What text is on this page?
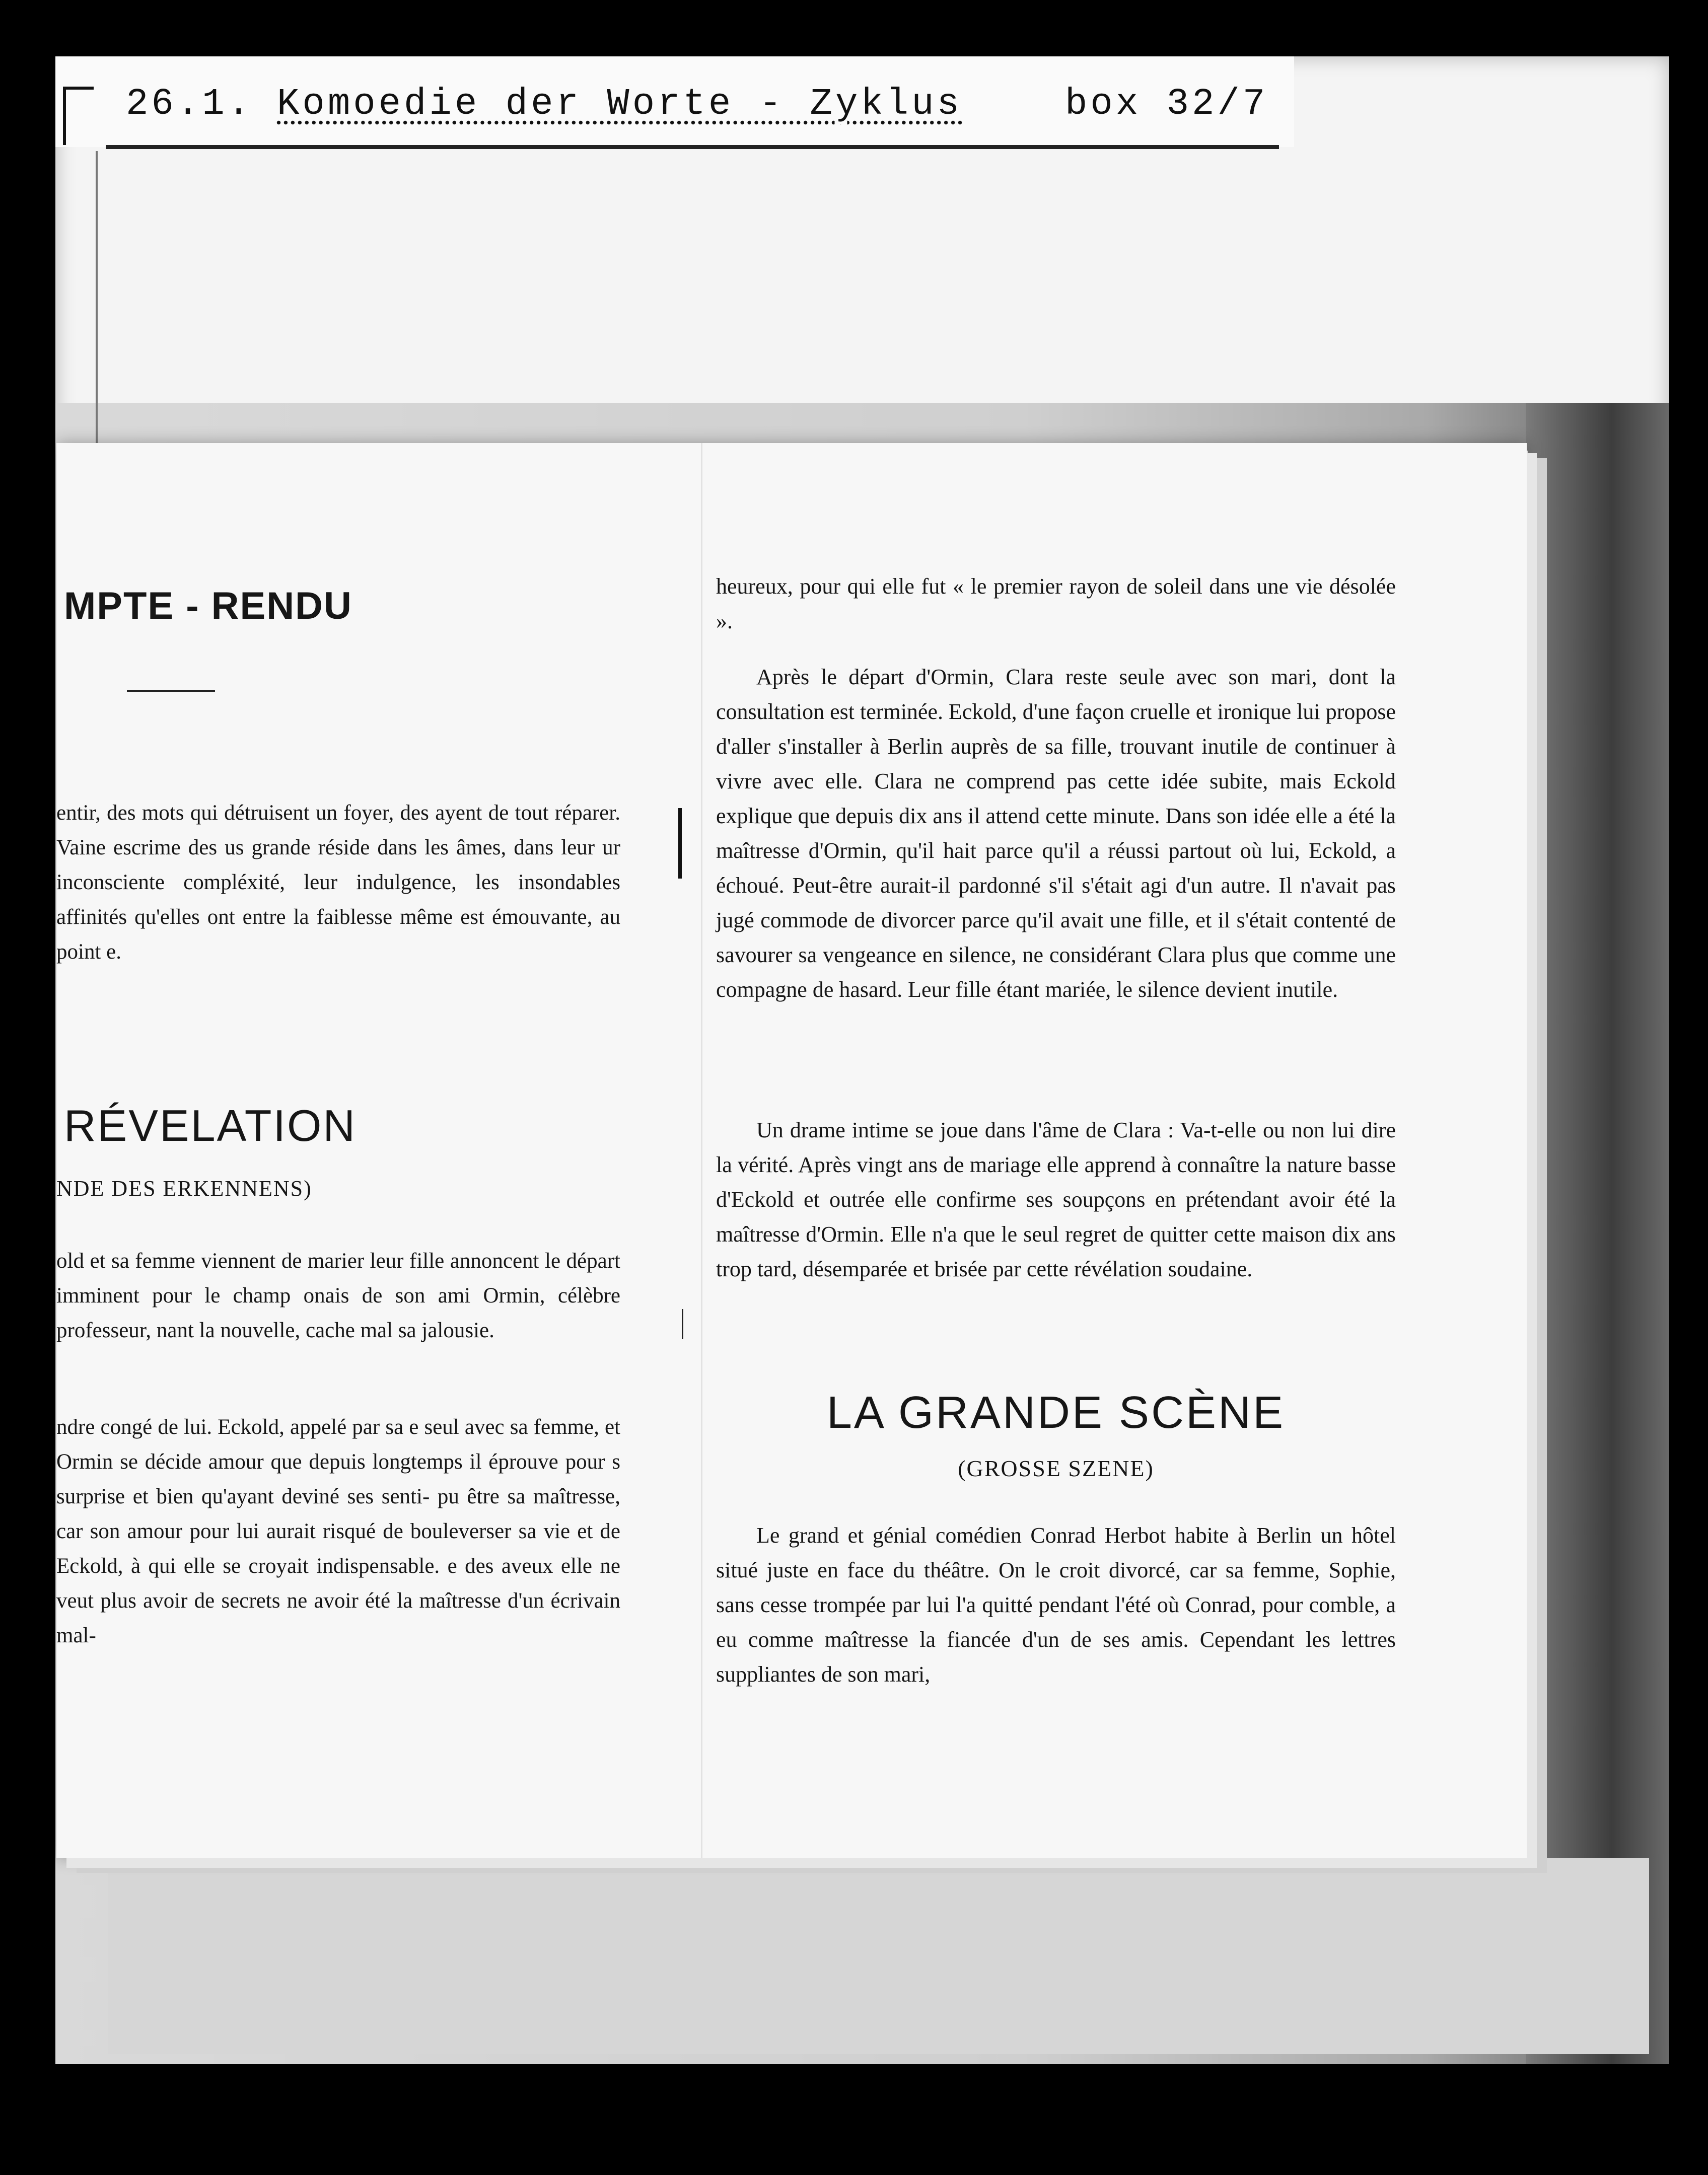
26.1. Komoedie der Worte - Zyklus	box 32/7
MPTE - RENDU
entir, des mots qui détruisent un foyer, des ayent de tout réparer. Vaine escrime des us grande réside dans les âmes, dans leur ur inconsciente compléxité, leur indulgence, les insondables affinités qu'elles ont entre la faiblesse même est émouvante, au point e.
RÉVELATION
NDE DES ERKENNENS)
old et sa femme viennent de marier leur fille annoncent le départ imminent pour le champ onais de son ami Ormin, célèbre professeur, nant la nouvelle, cache mal sa jalousie.
ndre congé de lui. Eckold, appelé par sa e seul avec sa femme, et Ormin se décide amour que depuis longtemps il éprouve pour s surprise et bien qu'ayant deviné ses senti- pu être sa maîtresse, car son amour pour lui aurait risqué de bouleverser sa vie et de Eckold, à qui elle se croyait indispensable. e des aveux elle ne veut plus avoir de secrets ne avoir été la maîtresse d'un écrivain mal-
heureux, pour qui elle fut « le premier rayon de soleil dans une vie désolée ».
Après le départ d'Ormin, Clara reste seule avec son mari, dont la consultation est terminée. Eckold, d'une façon cruelle et ironique lui propose d'aller s'installer à Berlin auprès de sa fille, trouvant inutile de continuer à vivre avec elle. Clara ne comprend pas cette idée subite, mais Eckold explique que depuis dix ans il attend cette minute. Dans son idée elle a été la maîtresse d'Ormin, qu'il hait parce qu'il a réussi partout où lui, Eckold, a échoué. Peut-être aurait-il pardonné s'il s'était agi d'un autre. Il n'avait pas jugé commode de divorcer parce qu'il avait une fille, et il s'était contenté de savourer sa vengeance en silence, ne considérant Clara plus que comme une compagne de hasard. Leur fille étant mariée, le silence devient inutile.
Un drame intime se joue dans l'âme de Clara : Va-t-elle ou non lui dire la vérité. Après vingt ans de mariage elle apprend à connaître la nature basse d'Eckold et outrée elle confirme ses soupçons en prétendant avoir été la maîtresse d'Ormin. Elle n'a que le seul regret de quitter cette maison dix ans trop tard, désemparée et brisée par cette révélation soudaine.
LA GRANDE SCÈNE
(GROSSE SZENE)
Le grand et génial comédien Conrad Herbot habite à Berlin un hôtel situé juste en face du théâtre. On le croit divorcé, car sa femme, Sophie, sans cesse trompée par lui l'a quitté pendant l'été où Conrad, pour comble, a eu comme maîtresse la fiancée d'un de ses amis. Cependant les lettres suppliantes de son mari,
